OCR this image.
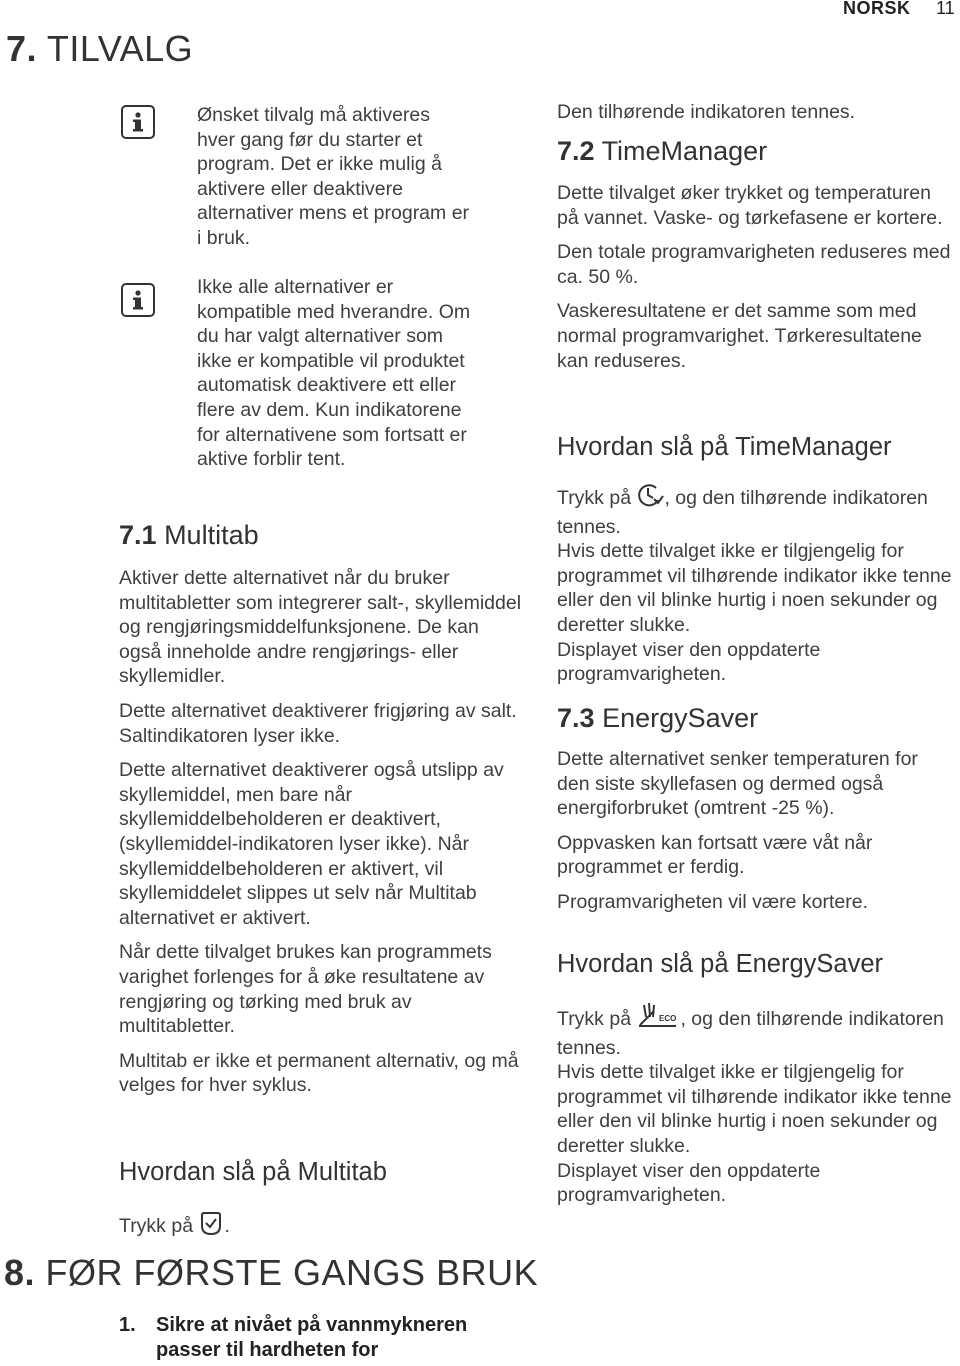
NORSK 11
7. TILVALG
Ønsket tilvalg må aktiveres hver gang før du starter et program. Det er ikke mulig å aktivere eller deaktivere alternativer mens et program er i bruk.
Ikke alle alternativer er kompatible med hverandre. Om du har valgt alternativer som ikke er kompatible vil produktet automatisk deaktivere ett eller flere av dem. Kun indikatorene for alternativene som fortsatt er aktive forblir tent.
7.1 Multitab
Aktiver dette alternativet når du bruker multitabletter som integrerer salt-, skyllemiddel og rengjøringsmiddelfunksjonene. De kan også inneholde andre rengjørings- eller skyllemidler.
Dette alternativet deaktiverer frigjøring av salt. Saltindikatoren lyser ikke.
Dette alternativet deaktiverer også utslipp av skyllemiddel, men bare når skyllemiddelbeholderen er deaktivert, (skyllemiddel-indikatoren lyser ikke). Når skyllemiddelbeholderen er aktivert, vil skyllemiddelet slippes ut selv når Multitab alternativet er aktivert.
Når dette tilvalget brukes kan programmets varighet forlenges for å øke resultatene av rengjøring og tørking med bruk av multitabletter.
Multitab er ikke et permanent alternativ, og må velges for hver syklus.
Hvordan slå på Multitab
Trykk på .
Den tilhørende indikatoren tennes.
7.2 TimeManager
Dette tilvalget øker trykket og temperaturen på vannet. Vaske- og tørkefasene er kortere.
Den totale programvarigheten reduseres med ca. 50 %.
Vaskeresultatene er det samme som med normal programvarighet. Tørkeresultatene kan reduseres.
Hvordan slå på TimeManager
Trykk på , og den tilhørende indikatoren tennes.
Hvis dette tilvalget ikke er tilgjengelig for programmet vil tilhørende indikator ikke tenne eller den vil blinke hurtig i noen sekunder og deretter slukke.
Displayet viser den oppdaterte programvarigheten.
7.3 EnergySaver
Dette alternativet senker temperaturen for den siste skyllefasen og dermed også energiforbruket (omtrent -25 %).
Oppvasken kan fortsatt være våt når programmet er ferdig.
Programvarigheten vil være kortere.
Hvordan slå på EnergySaver
Trykk på	ECO , og den tilhørende indikatoren tennes.
Hvis dette tilvalget ikke er tilgjengelig for programmet vil tilhørende indikator ikke tenne eller den vil blinke hurtig i noen sekunder og deretter slukke.
Displayet viser den oppdaterte programvarigheten.
8. FØR FØRSTE GANGS BRUK
1. Sikre at nivået på vannmykneren passer til hardheten for
